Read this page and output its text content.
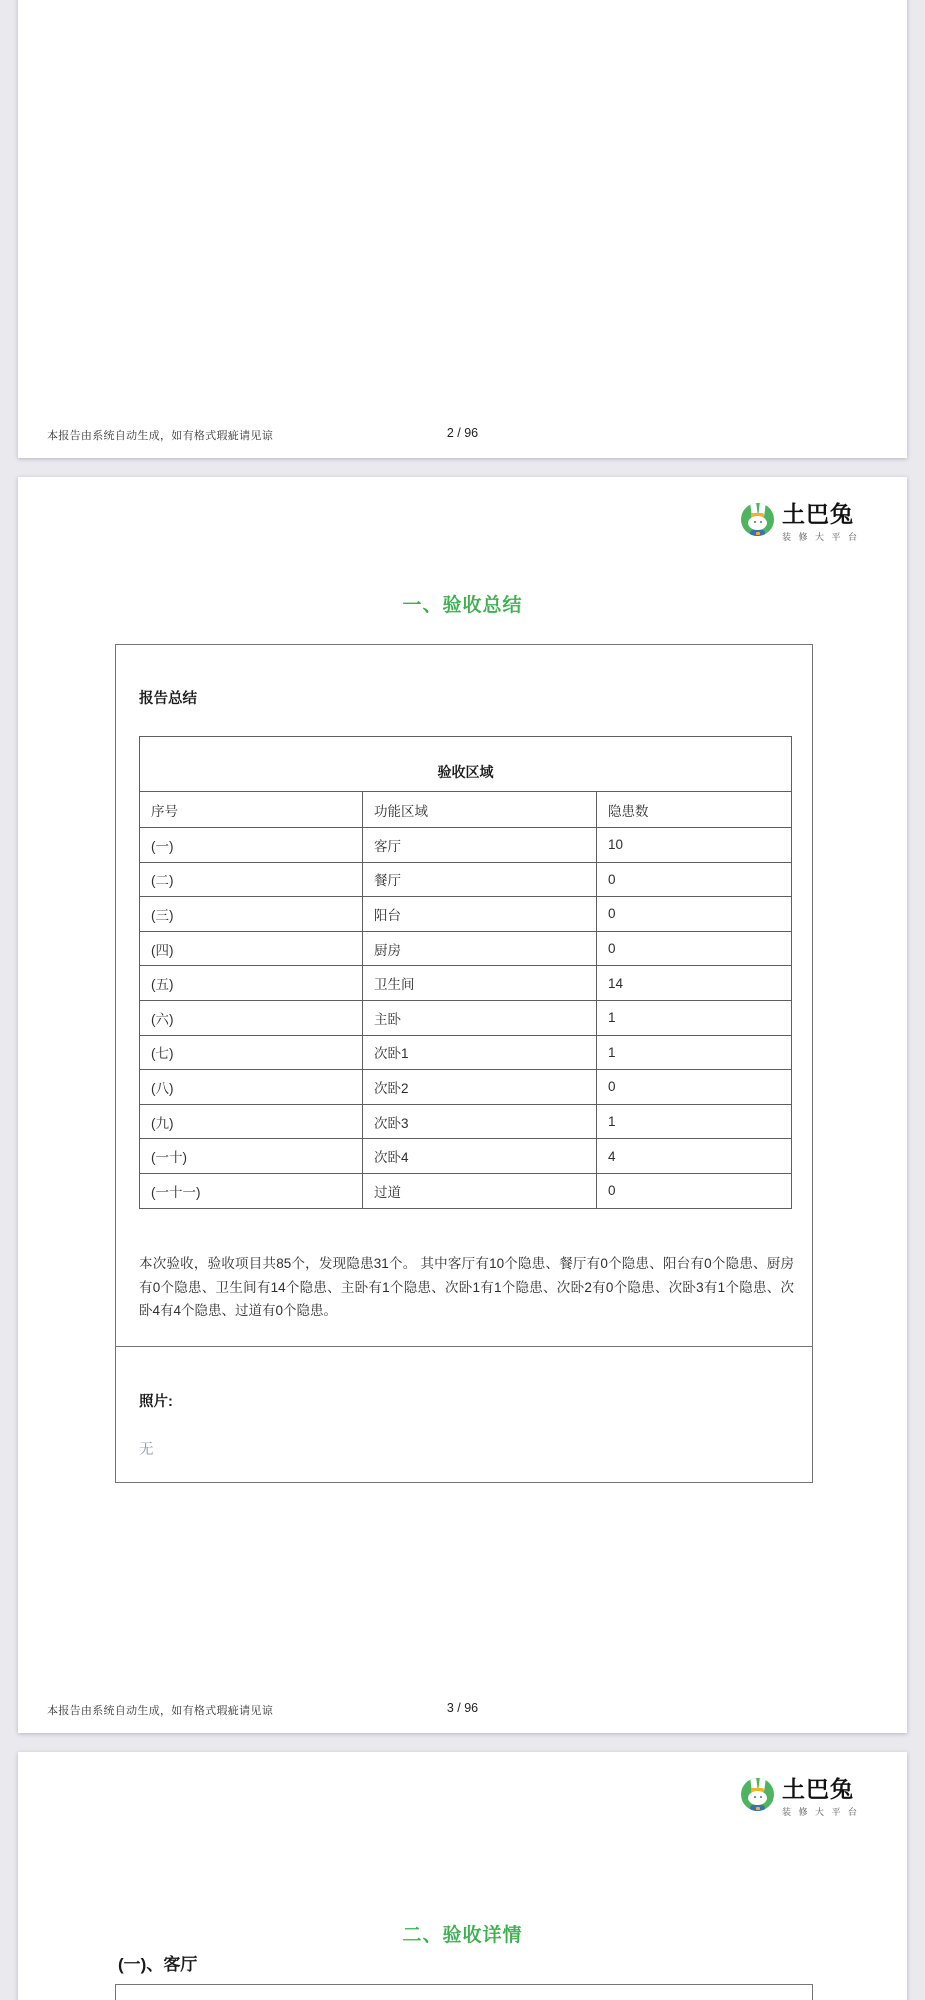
本报告由系统自动生成，如有格式瑕疵请见谅	2 / 96
土巴兔
装修大平台
一、验收总结
报告总结
验收区域		
序号	功能区域	隐患数
(一)	客厅	10
(二)	餐厅	0
(三)	阳台	0
(四)	厨房	0
(五)	卫生间	14
(六)	主卧	1
(七)	次卧1	1
(八)	次卧2	0
(九)	次卧3	1
(一十)	次卧4	4
(一十一)	过道	0
本次验收，验收项目共85个，发现隐患31个。 其中客厅有10个隐患、餐厅有0个隐患、阳台有0个隐患、厨房有0个隐患、卫生间有14个隐患、主卧有1个隐患、次卧1有1个隐患、次卧2有0个隐患、次卧3有1个隐患、次卧4有4个隐患、过道有0个隐患。
照片:
无
本报告由系统自动生成，如有格式瑕疵请见谅	3 / 96
土巴兔
装修大平台
二、验收详情
(一)、客厅
